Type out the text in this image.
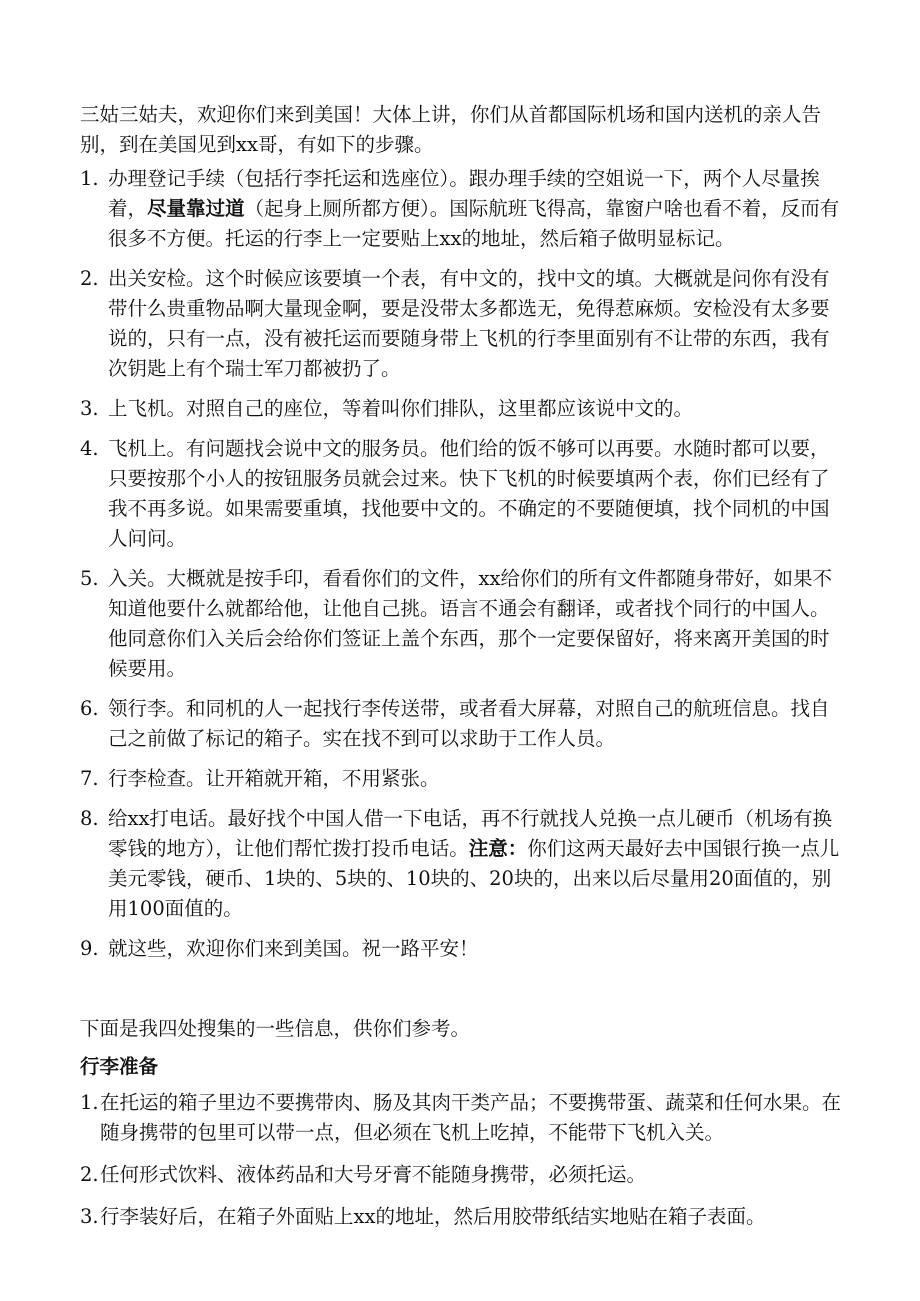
三姑三姑夫，欢迎你们来到美国！大体上讲，你们从首都国际机场和国内送机的亲人告别，到在美国见到xx哥，有如下的步骤。

1. 办理登记手续（包括行李托运和选座位）。跟办理手续的空姐说一下，两个人尽量挨着，尽量靠过道（起身上厕所都方便）。国际航班飞得高，靠窗户啥也看不着，反而有很多不方便。托运的行李上一定要贴上xx的地址，然后箱子做明显标记。
2. 出关安检。这个时候应该要填一个表，有中文的，找中文的填。大概就是问你有没有带什么贵重物品啊大量现金啊，要是没带太多都选无，免得惹麻烦。安检没有太多要说的，只有一点，没有被托运而要随身带上飞机的行李里面别有不让带的东西，我有次钥匙上有个瑞士军刀都被扔了。
3. 上飞机。对照自己的座位，等着叫你们排队，这里都应该说中文的。
4. 飞机上。有问题找会说中文的服务员。他们给的饭不够可以再要。水随时都可以要，只要按那个小人的按钮服务员就会过来。快下飞机的时候要填两个表，你们已经有了我不再多说。如果需要重填，找他要中文的。不确定的不要随便填，找个同机的中国人问问。
5. 入关。大概就是按手印，看看你们的文件，xx给你们的所有文件都随身带好，如果不知道他要什么就都给他，让他自己挑。语言不通会有翻译，或者找个同行的中国人。他同意你们入关后会给你们签证上盖个东西，那个一定要保留好，将来离开美国的时候要用。
6. 领行李。和同机的人一起找行李传送带，或者看大屏幕，对照自己的航班信息。找自己之前做了标记的箱子。实在找不到可以求助于工作人员。
7. 行李检查。让开箱就开箱，不用紧张。
8. 给xx打电话。最好找个中国人借一下电话，再不行就找人兑换一点儿硬币（机场有换零钱的地方），让他们帮忙拨打投币电话。注意：你们这两天最好去中国银行换一点儿美元零钱，硬币、1块的、5块的、10块的、20块的，出来以后尽量用20面值的，别用100面值的。
9. 就这些，欢迎你们来到美国。祝一路平安！

下面是我四处搜集的一些信息，供你们参考。

行李准备
1. 在托运的箱子里边不要携带肉、肠及其肉干类产品；不要携带蛋、蔬菜和任何水果。在随身携带的包里可以带一点，但必须在飞机上吃掉，不能带下飞机入关。
2. 任何形式饮料、液体药品和大号牙膏不能随身携带，必须托运。
3. 行李装好后，在箱子外面贴上xx的地址，然后用胶带纸结实地贴在箱子表面。
